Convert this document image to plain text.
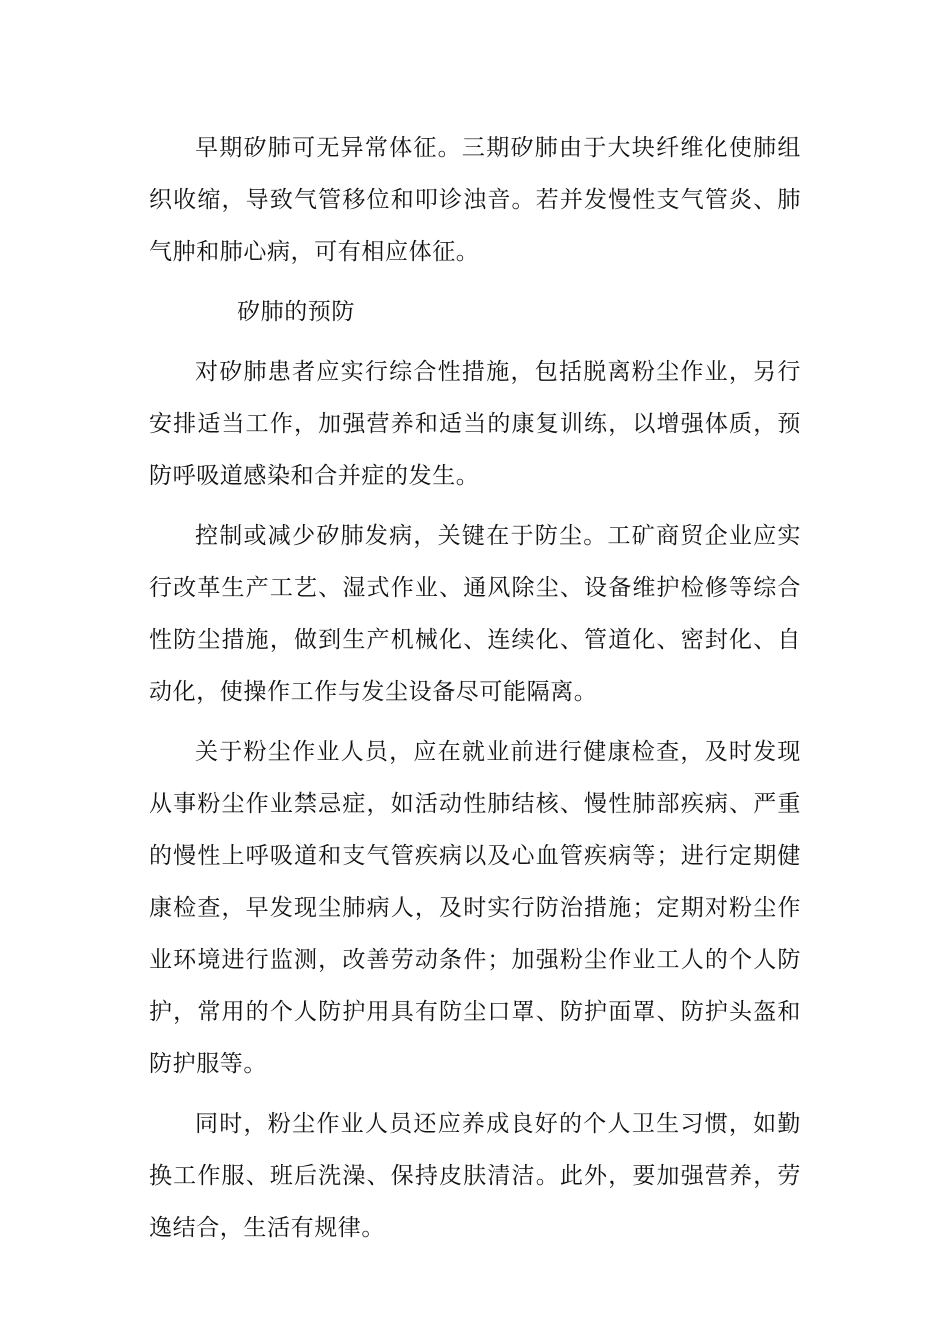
早期矽肺可无异常体征。三期矽肺由于大块纤维化使肺组织收缩，导致气管移位和叩诊浊音。若并发慢性支气管炎、肺气肿和肺心病，可有相应体征。

矽肺的预防

对矽肺患者应实行综合性措施，包括脱离粉尘作业，另行安排适当工作，加强营养和适当的康复训练，以增强体质，预防呼吸道感染和合并症的发生。

控制或减少矽肺发病，关键在于防尘。工矿商贸企业应实行改革生产工艺、湿式作业、通风除尘、设备维护检修等综合性防尘措施，做到生产机械化、连续化、管道化、密封化、自动化，使操作工作与发尘设备尽可能隔离。

关于粉尘作业人员，应在就业前进行健康检查，及时发现从事粉尘作业禁忌症，如活动性肺结核、慢性肺部疾病、严重的慢性上呼吸道和支气管疾病以及心血管疾病等；进行定期健康检查，早发现尘肺病人，及时实行防治措施；定期对粉尘作业环境进行监测，改善劳动条件；加强粉尘作业工人的个人防护，常用的个人防护用具有防尘口罩、防护面罩、防护头盔和防护服等。

同时，粉尘作业人员还应养成良好的个人卫生习惯，如勤换工作服、班后洗澡、保持皮肤清洁。此外，要加强营养，劳逸结合，生活有规律。
